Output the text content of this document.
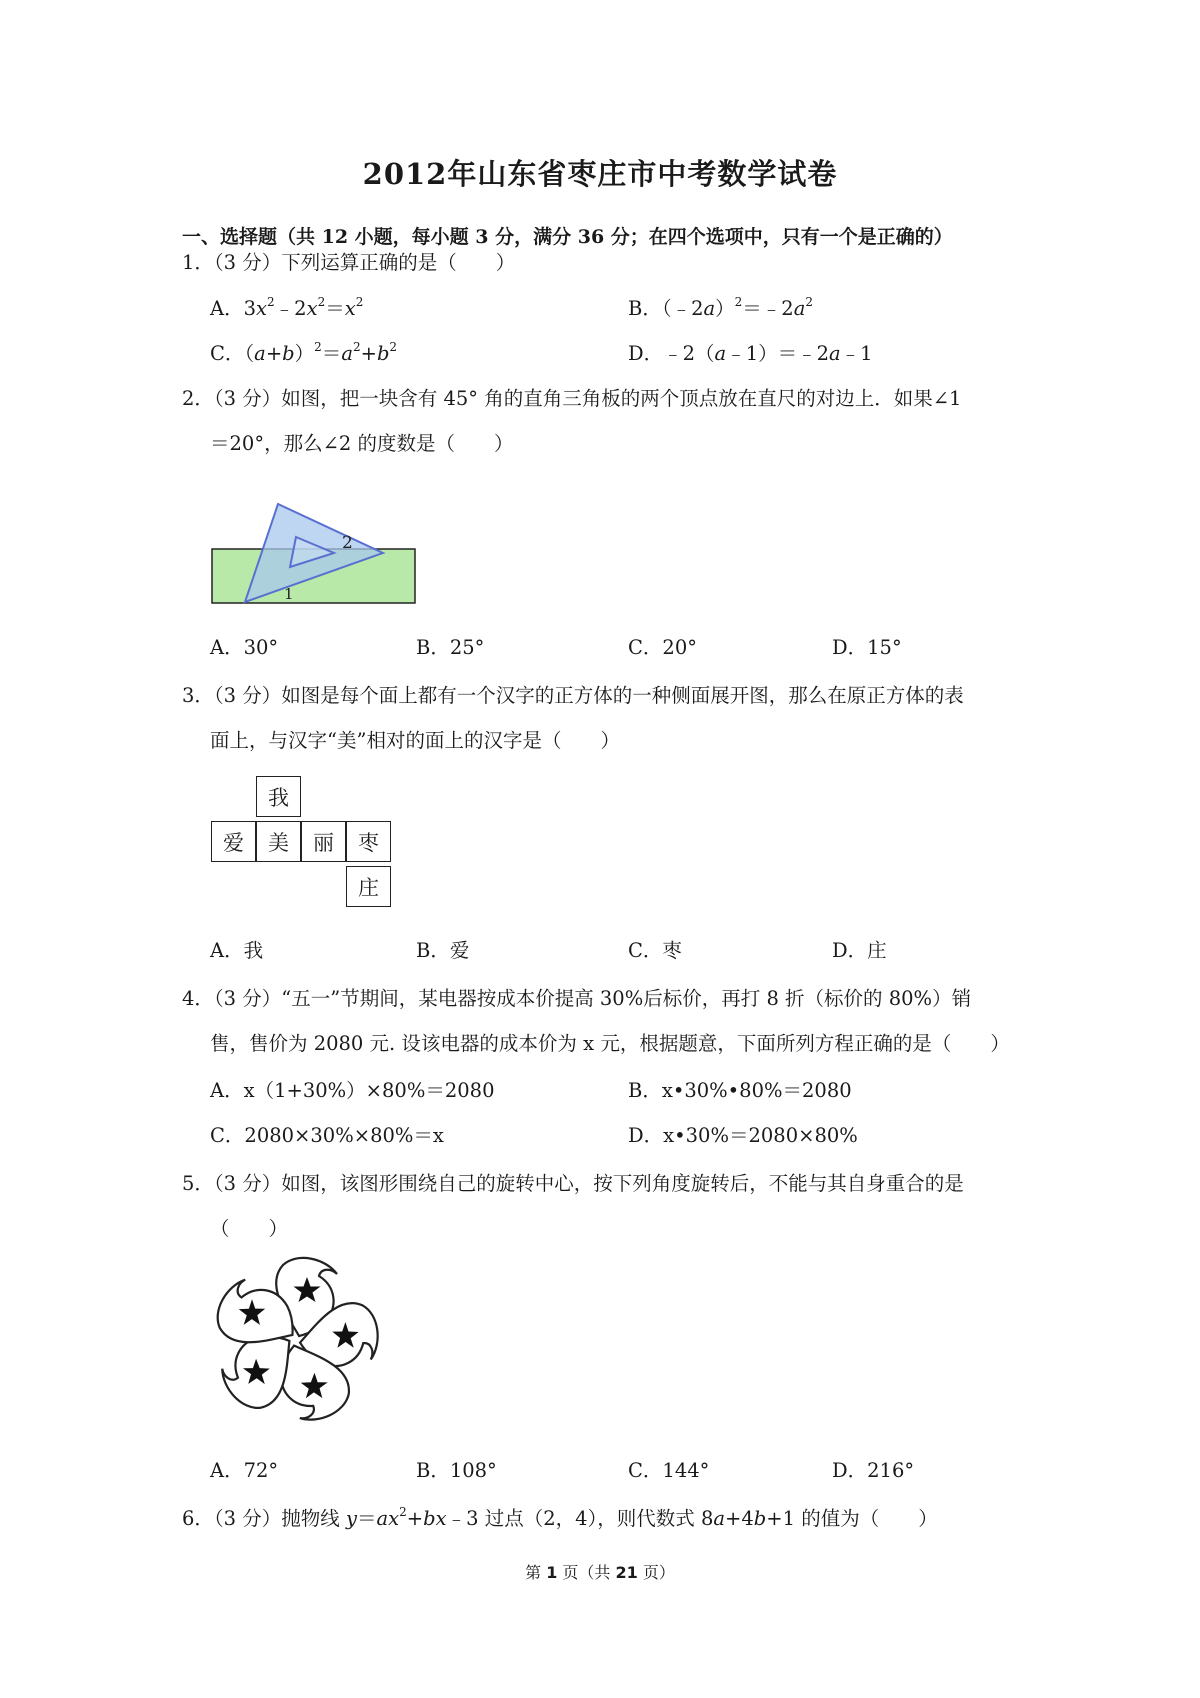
2012年山东省枣庄市中考数学试卷
一、选择题（共 12 小题，每小题 3 分，满分 36 分；在四个选项中，只有一个是正确的）
1．（3 分）下列运算正确的是（　　）
A．$3x^2﹣2x^2=x^2$	B．$(﹣2a)^2=﹣2a^2$
C．$(a+b)^2=a^2+b^2$	D．﹣2（a﹣1）＝﹣2a﹣1
2．（3 分）如图，把一块含有 45° 角的直角三角板的两个顶点放在直尺的对边上．如果∠1
＝20°，那么∠2 的度数是（　　）
2
1
A．30°	B．25°	C．20°	D．15°
3．（3 分）如图是每个面上都有一个汉字的正方体的一种侧面展开图，那么在原正方体的表
面上，与汉字“美”相对的面上的汉字是（　　）
我
爱	美	丽	枣
庄
A．我	B．爱	C．枣	D．庄
4．（3 分）“五一”节期间，某电器按成本价提高 30%后标价，再打 8 折（标价的 80%）销
售，售价为 2080 元. 设该电器的成本价为 x 元，根据题意，下面所列方程正确的是（　　）
A．x（1+30%）×80%＝2080	B．x•30%•80%＝2080
C．2080×30%×80%＝x	D．x•30%＝2080×80%
5．（3 分）如图，该图形围绕自己的旋转中心，按下列角度旋转后，不能与其自身重合的是
（　　）
A．72°	B．108°	C．144°	D．216°
6．（3 分）抛物线 $y=ax^2+bx﹣3$ 过点（2，4），则代数式 8a+4b+1 的值为（　　）
第 1 页（共 21 页）
